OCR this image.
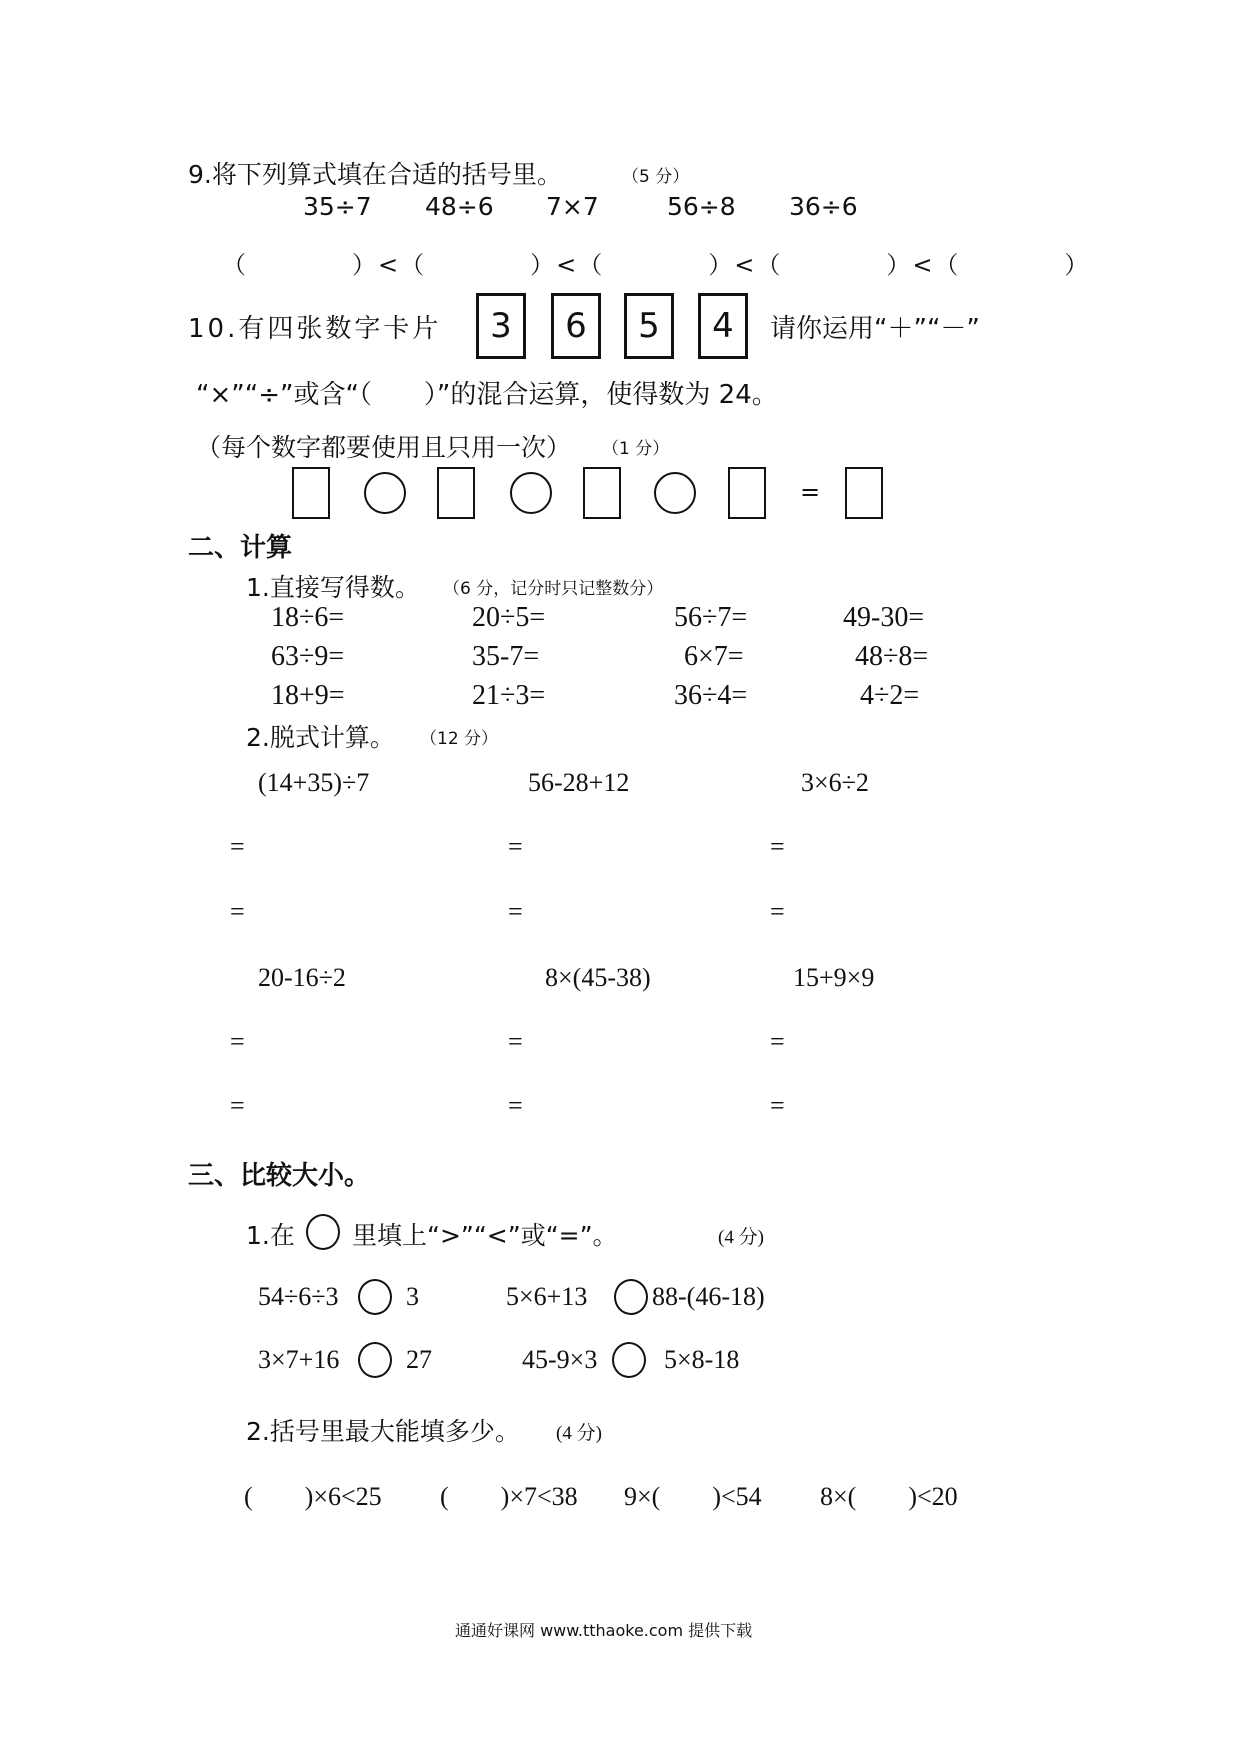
9.将下列算式填在合适的括号里。	（5 分）
35÷7 48÷6 7×7	56÷8 36÷6
（　　　　）<（　　　　）<（　　　　）<（　　　　）<（　　　　）
10.有四张数字卡片	3	6	5	4	请你运用“＋”“－”
“×”“÷”或含“（　　）”的混合运算，使得数为 24。
（每个数字都要使用且只用一次） （1 分）
=
二、计算
1.直接写得数。 （6 分，记分时只记整数分）
18÷6=	20÷5=	56÷7=	49-30=
63÷9=	35-7=	6×7=	48÷8=
18+9=	21÷3=	36÷4=	4÷2=
2.脱式计算。 （12 分）
(14+35)÷7	56-28+12	3×6÷2
=	=	=
=	=	=
20-16÷2	8×(45-38)	15+9×9
=	=	=
=	=	=
三、比较大小。
1.在 里填上“>”“<”或“=”。	(4 分)
54÷6÷3	3	5×6+13 88-(46-18)
3×7+16	27	45-9×3	5×8-18
2.括号里最大能填多少。 (4 分)
(　　)×6<25 (　　)×7<38 9×(　　)<54 8×(　　)<20
通通好课网 www.tthaoke.com 提供下载
